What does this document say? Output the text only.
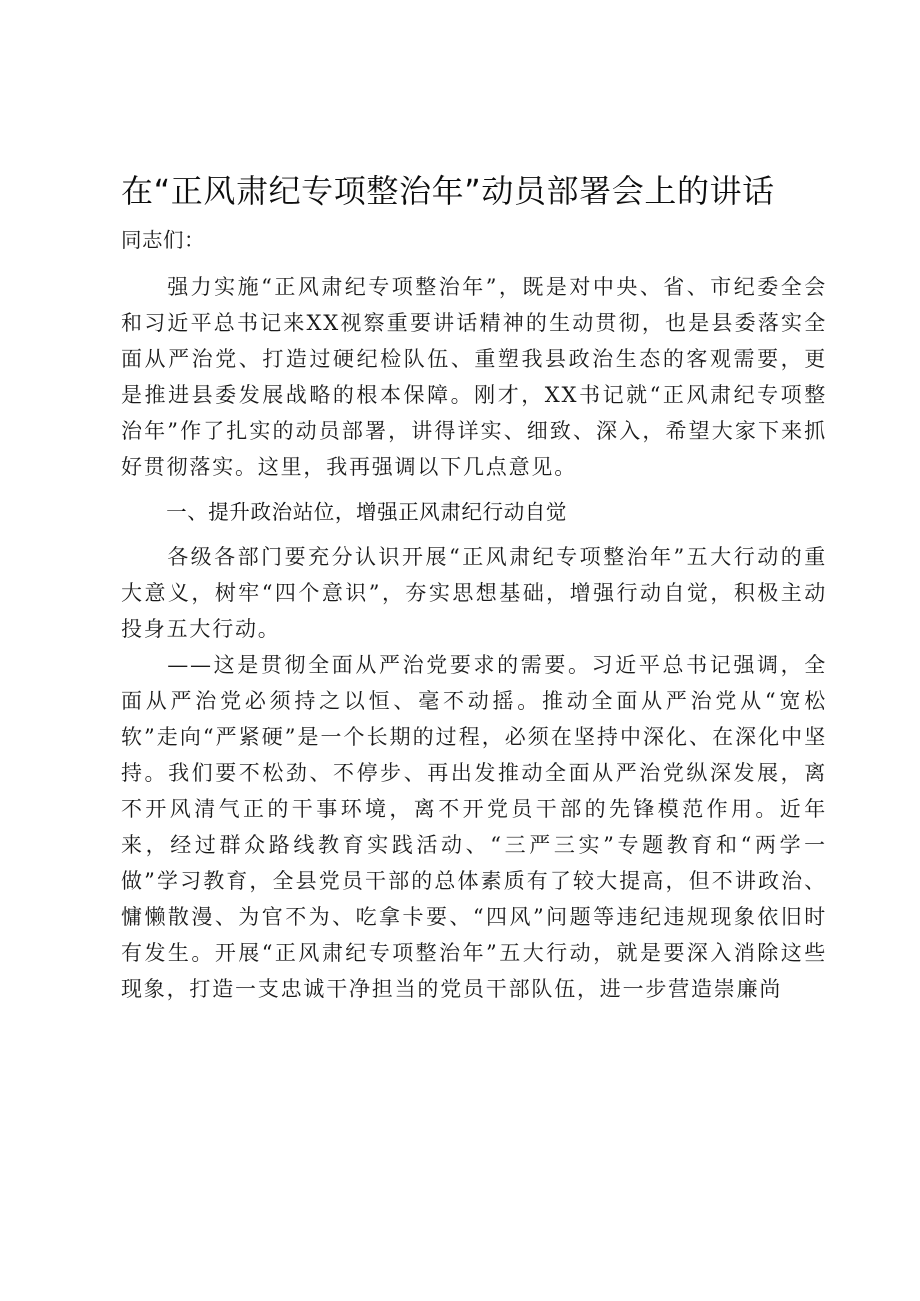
在“正风肃纪专项整治年”动员部署会上的讲话

同志们：

强力实施“正风肃纪专项整治年”，既是对中央、省、市纪委全会和习近平总书记来XX视察重要讲话精神的生动贯彻，也是县委落实全面从严治党、打造过硬纪检队伍、重塑我县政治生态的客观需要，更是推进县委发展战略的根本保障。刚才，XX书记就“正风肃纪专项整治年”作了扎实的动员部署，讲得详实、细致、深入，希望大家下来抓好贯彻落实。这里，我再强调以下几点意见。

一、提升政治站位，增强正风肃纪行动自觉

各级各部门要充分认识开展“正风肃纪专项整治年”五大行动的重大意义，树牢“四个意识”，夯实思想基础，增强行动自觉，积极主动投身五大行动。

——这是贯彻全面从严治党要求的需要。习近平总书记强调，全面从严治党必须持之以恒、毫不动摇。推动全面从严治党从“宽松软”走向“严紧硬”是一个长期的过程，必须在坚持中深化、在深化中坚持。我们要不松劲、不停步、再出发推动全面从严治党纵深发展，离不开风清气正的干事环境，离不开党员干部的先锋模范作用。近年来，经过群众路线教育实践活动、“三严三实”专题教育和“两学一做”学习教育，全县党员干部的总体素质有了较大提高，但不讲政治、慵懒散漫、为官不为、吃拿卡要、“四风”问题等违纪违规现象依旧时有发生。开展“正风肃纪专项整治年”五大行动，就是要深入消除这些现象，打造一支忠诚干净担当的党员干部队伍，进一步营造崇廉尚
